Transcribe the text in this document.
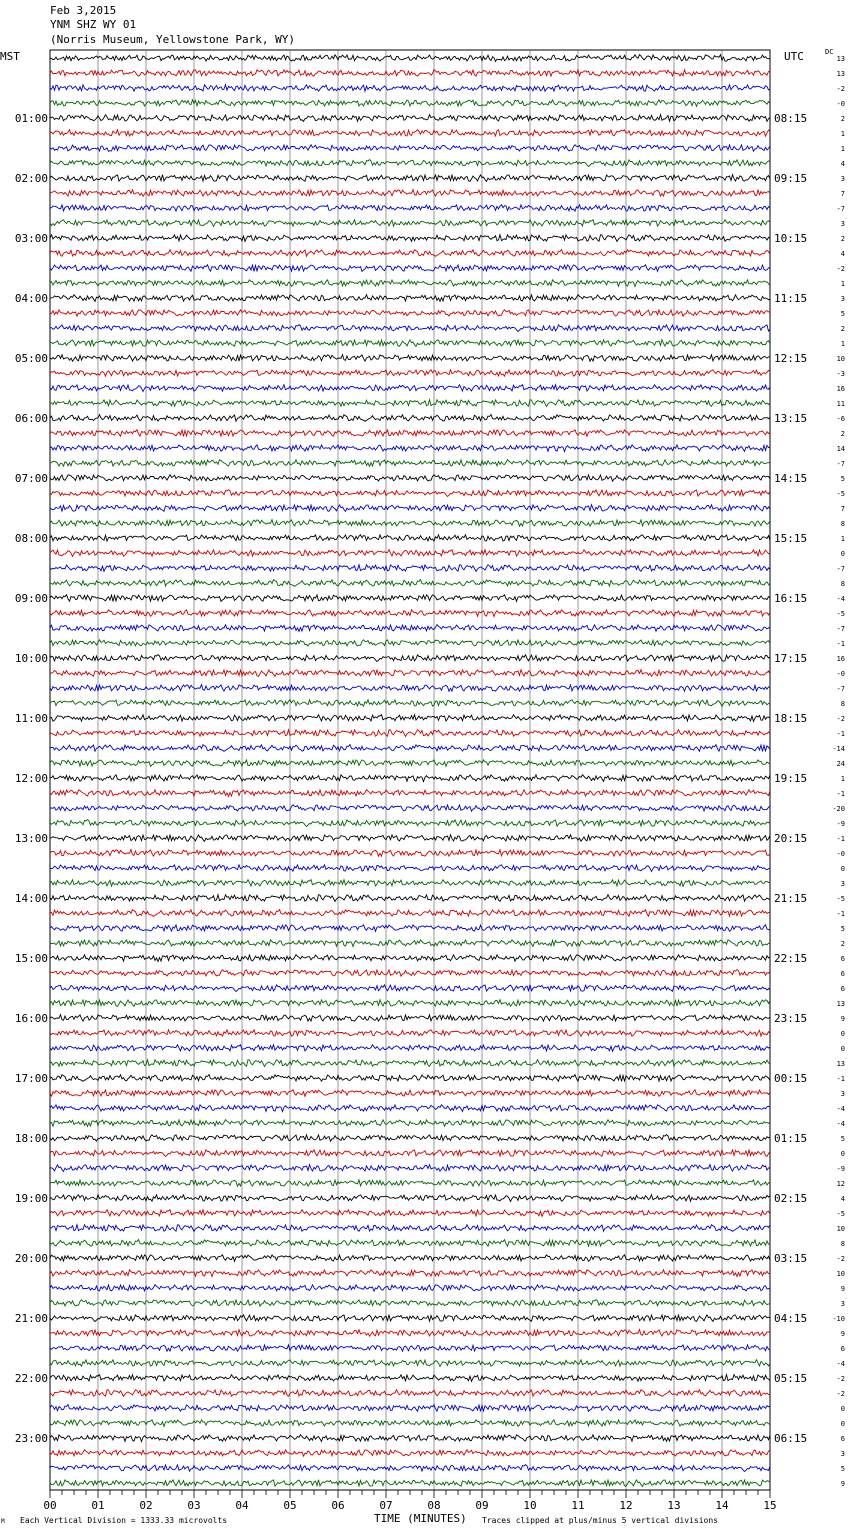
13
13
-2
-0
2
1
1
4
3
7
-7
3
2
4
-2
1
3
5
2
1
10
-3
16
11
-6
2
14
-7
5
-5
7
8
1
0
-7
8
-4
-5
-7
-1
16
-0
-7
8
-2
-1
-14
24
1
-1
-20
-9
-1
-0
0
3
-5
-1
5
2
6
6
6
13
9
0
0
13
-1
3
-4
-4
5
0
-9
12
4
-5
10
8
-2
10
9
3
-10
9
6
-4
-2
-2
0
0
6
3
5
9
01:00	08:15
02:00	09:15
03:00	10:15
04:00	11:15
05:00	12:15
06:00	13:15
07:00	14:15
08:00	15:15
09:00	16:15
10:00	17:15
11:00	18:15
12:00	19:15
13:00	20:15
14:00	21:15
15:00	22:15
16:00	23:15
17:00	00:15
18:00	01:15
19:00	02:15
20:00	03:15
21:00	04:15
22:00	05:15
23:00	06:15
00	01	02	03	04	05	06	07	08	09	10	11	12	13	14	15
Feb 3,2015
YNM SHZ WY 01
(Norris Museum, Yellowstone Park, WY)
MST	UTC	DC
TIME (MINUTES)
Each Vertical Division = 1333.33 microvolts	Traces clipped at plus/minus 5 vertical divisions
M
